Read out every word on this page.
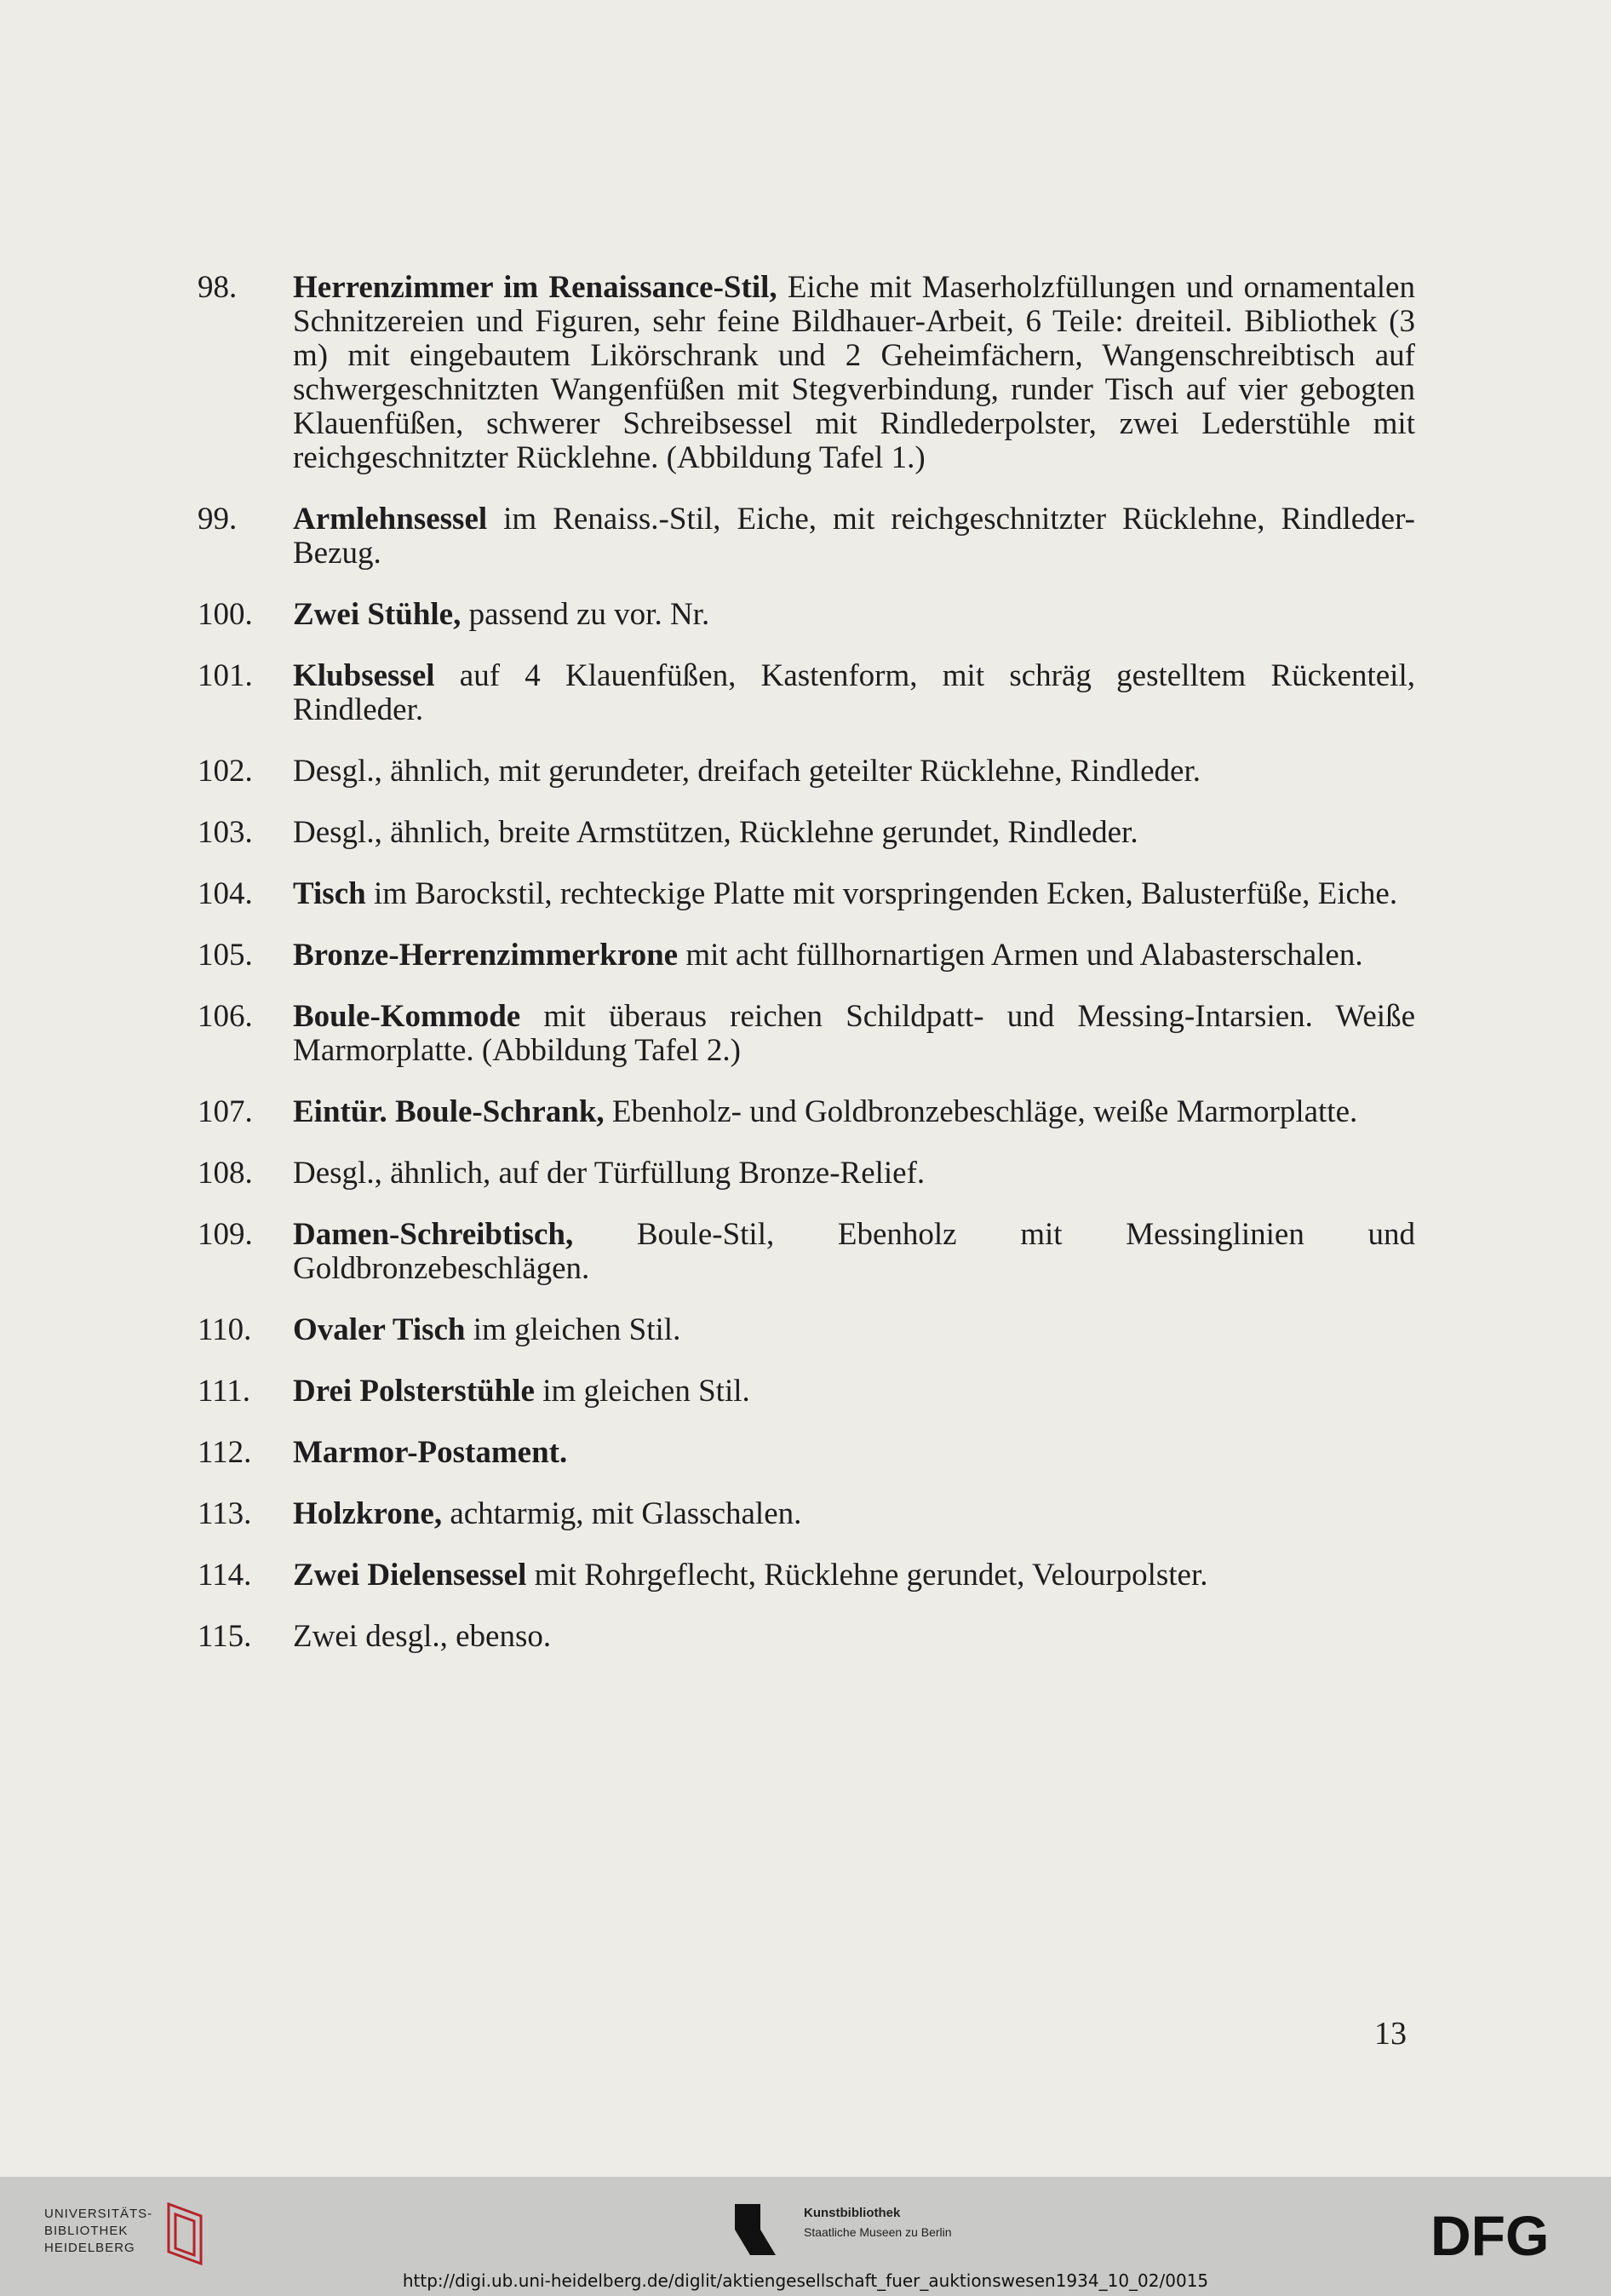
98. Herrenzimmer im Renaissance-Stil, Eiche mit Maserholzfüllungen und ornamentalen Schnitzereien und Figuren, sehr feine Bildhauer-Arbeit, 6 Teile: dreiteil. Bibliothek (3 m) mit eingebautem Likörschrank und 2 Geheimfächern, Wangenschreibtisch auf schwergeschnitzten Wangenfüßen mit Stegverbindung, runder Tisch auf vier gebogten Klauenfüßen, schwerer Schreibsessel mit Rindlederpolster, zwei Lederstühle mit reichgeschnitzter Rücklehne. (Abbildung Tafel 1.)
99. Armlehnsessel im Renaiss.-Stil, Eiche, mit reichgeschnitzter Rücklehne, Rindleder-Bezug.
100. Zwei Stühle, passend zu vor. Nr.
101. Klubsessel auf 4 Klauenfüßen, Kastenform, mit schräg gestelltem Rückenteil, Rindleder.
102. Desgl., ähnlich, mit gerundeter, dreifach geteilter Rücklehne, Rindleder.
103. Desgl., ähnlich, breite Armstützen, Rücklehne gerundet, Rindleder.
104. Tisch im Barockstil, rechteckige Platte mit vorspringenden Ecken, Balusterfüße, Eiche.
105. Bronze-Herrenzimmerkrone mit acht füllhornartigen Armen und Alabasterschalen.
106. Boule-Kommode mit überaus reichen Schildpatt- und Messing-Intarsien. Weiße Marmorplatte. (Abbildung Tafel 2.)
107. Eintür. Boule-Schrank, Ebenholz- und Goldbronzebeschläge, weiße Marmorplatte.
108. Desgl., ähnlich, auf der Türfüllung Bronze-Relief.
109. Damen-Schreibtisch, Boule-Stil, Ebenholz mit Messinglinien und Goldbronzebeschlägen.
110. Ovaler Tisch im gleichen Stil.
111. Drei Polsterstühle im gleichen Stil.
112. Marmor-Postament.
113. Holzkrone, achtarmig, mit Glasschalen.
114. Zwei Dielensessel mit Rohrgeflecht, Rücklehne gerundet, Velourpolster.
115. Zwei desgl., ebenso.
13
UNIVERSITÄTS-
BIBLIOTHEK
HEIDELBERG
Kunstbibliothek
Staatliche Museen zu Berlin	DFG
http://digi.ub.uni-heidelberg.de/diglit/aktiengesellschaft_fuer_auktionswesen1934_10_02/0015
